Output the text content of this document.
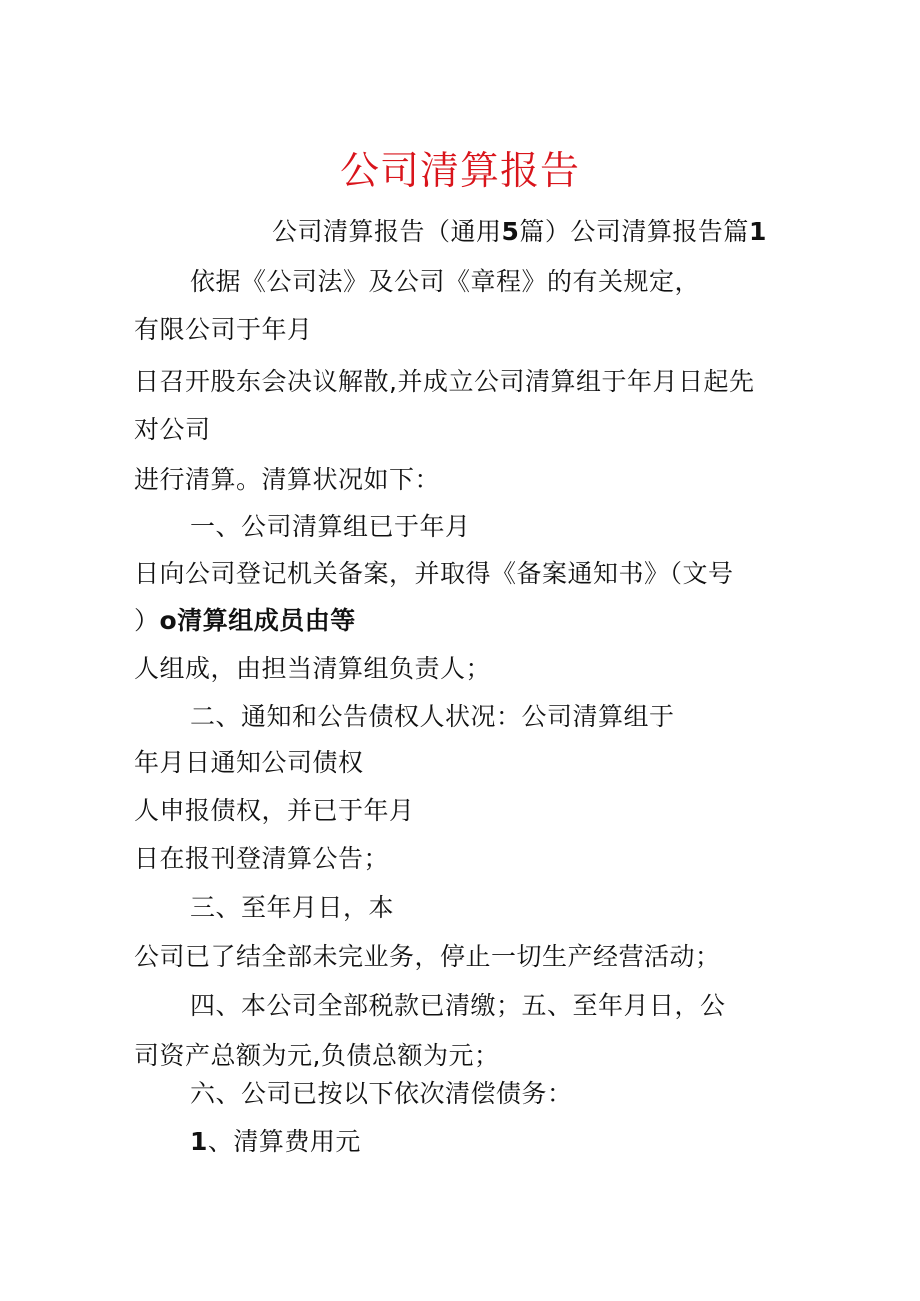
公司清算报告
公司清算报告（通用5篇）公司清算报告篇1
依据《公司法》及公司《章程》的有关规定，
有限公司于年月
日召开股东会决议解散,并成立公司清算组于年月日起先
对公司
进行清算。清算状况如下：
一、公司清算组已于年月
日向公司登记机关备案，并取得《备案通知书》（文号
）o清算组成员由等
人组成，由担当清算组负责人；
二、通知和公告债权人状况：公司清算组于
年月日通知公司债权
人申报债权，并已于年月
日在报刊登清算公告；
三、至年月日，本
公司已了结全部未完业务，停止一切生产经营活动；
四、本公司全部税款已清缴；五、至年月日，公
司资产总额为元,负债总额为元；
六、公司已按以下依次清偿债务：
1、清算费用元
